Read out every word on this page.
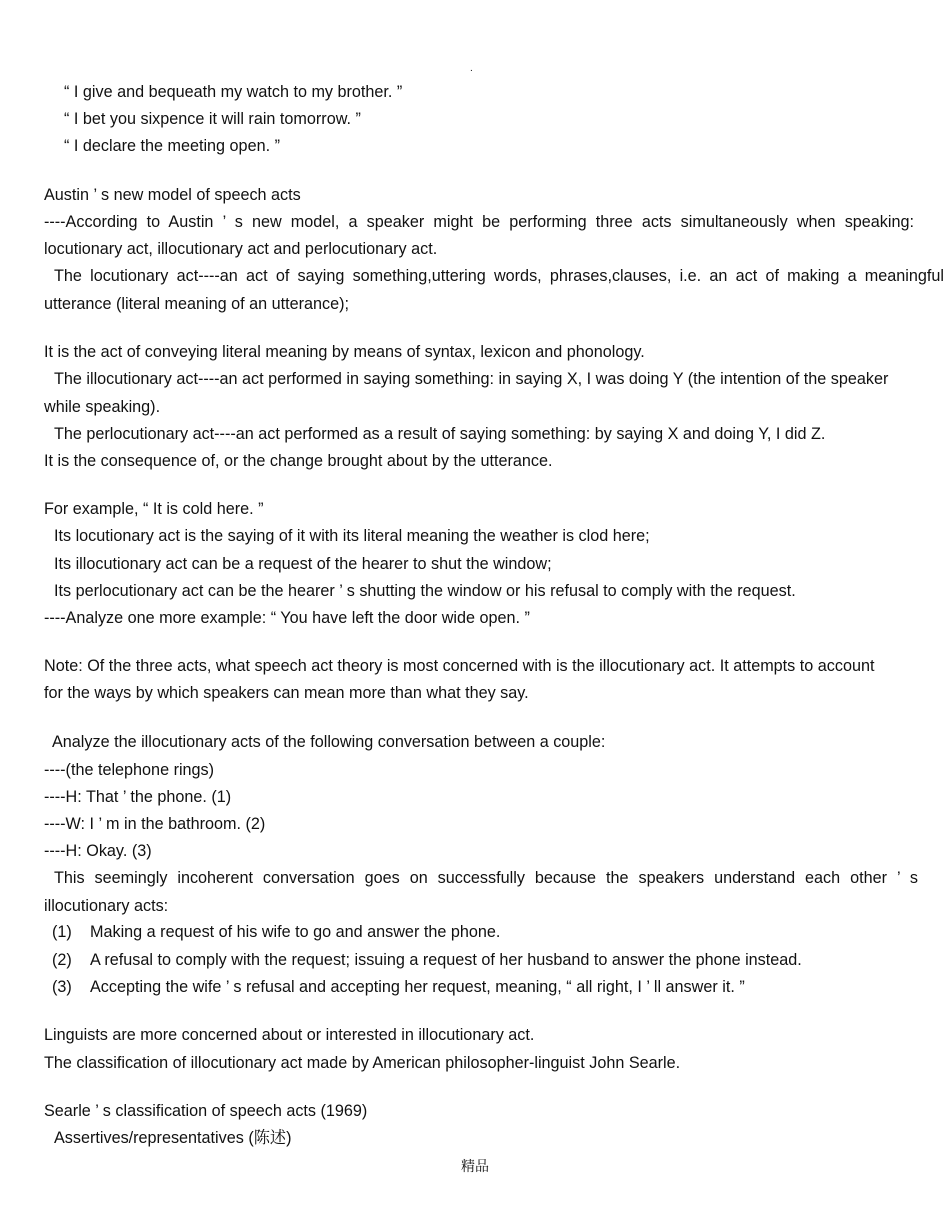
.
“ I give and bequeath my watch to my brother. ”
“ I bet you sixpence it will rain tomorrow. ”
“ I declare the meeting open. ”
Austin ’ s new model of speech acts
----According to Austin ’ s new model, a speaker might be performing three acts simultaneously when speaking:
locutionary act, illocutionary act and perlocutionary act.
The locutionary act----an act of saying something,uttering words, phrases,clauses, i.e. an act of making a meaningful
utterance (literal meaning of an utterance);
It is the act of conveying literal meaning by means of syntax, lexicon and phonology.
The illocutionary act----an act performed in saying something: in saying X, I was doing Y (the intention of the speaker
while speaking).
The perlocutionary act----an act performed as a result of saying something: by saying X and doing Y, I did Z.
It is the consequence of, or the change brought about by the utterance.
For example, “ It is cold here. ”
Its locutionary act is the saying of it with its literal meaning the weather is clod here;
Its illocutionary act can be a request of the hearer to shut the window;
Its perlocutionary act can be the hearer ’ s shutting the window or his refusal to comply with the request.
----Analyze one more example: “ You have left the door wide open. ”
Note: Of the three acts, what speech act theory is most concerned with is the illocutionary act. It attempts to account
for the ways by which speakers can mean more than what they say.
Analyze the illocutionary acts of the following conversation between a couple:
----(the telephone rings)
----H: That ’ the phone. (1)
----W: I ’ m in the bathroom. (2)
----H: Okay. (3)
This seemingly incoherent conversation goes on successfully because the speakers understand each other ’ s
illocutionary acts:
(1) Making a request of his wife to go and answer the phone.
(2) A refusal to comply with the request; issuing a request of her husband to answer the phone instead.
(3) Accepting the wife ’ s refusal and accepting her request, meaning, “ all right, I ’ ll answer it. ”
Linguists are more concerned about or interested in illocutionary act.
The classification of illocutionary act made by American philosopher-linguist John Searle.
Searle ’ s classification of speech acts (1969)
Assertives/representatives (陈述)
精品
